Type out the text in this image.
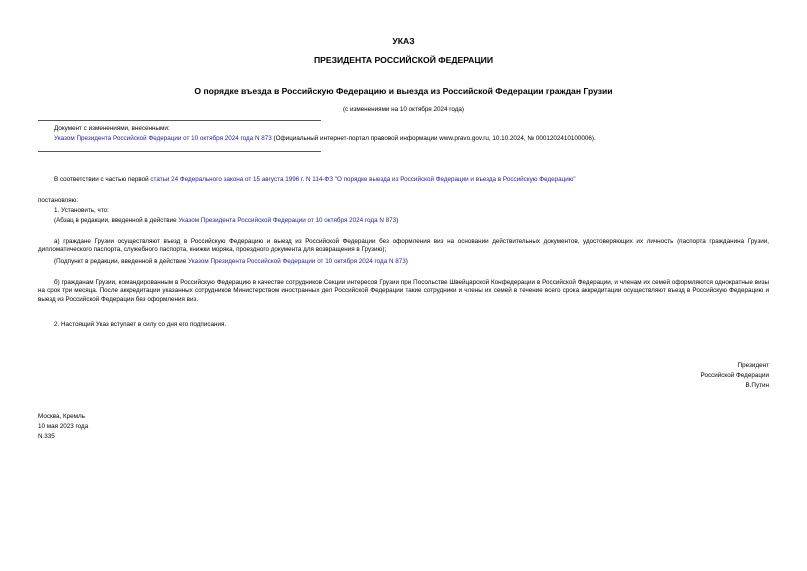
УКАЗ
ПРЕЗИДЕНТА РОССИЙСКОЙ ФЕДЕРАЦИИ
О порядке въезда в Российскую Федерацию и выезда из Российской Федерации граждан Грузии
(с изменениями на 10 октября 2024 года)
Документ с изменениями, внесенными:
Указом Президента Российской Федерации от 10 октября 2024 года N 873 (Официальный интернет-портал правовой информации www.pravo.gov.ru, 10.10.2024, № 0001202410100006).
В соответствии с частью первой статьи 24 Федерального закона от 15 августа 1996 г. N 114-ФЗ "О порядке выезда из Российской Федерации и въезда в Российскую Федерацию"
постановляю:
1. Установить, что:
(Абзац в редакции, введенной в действие Указом Президента Российской Федерации от 10 октября 2024 года N 873)
а) граждане Грузии осуществляют въезд в Российскую Федерацию и выезд из Российской Федерации без оформления виз на основании действительных документов, удостоверяющих их личность (паспорта гражданина Грузии, дипломатического паспорта, служебного паспорта, книжки моряка, проездного документа для возвращения в Грузию);
(Подпункт в редакции, введенной в действие Указом Президента Российской Федерации от 10 октября 2024 года N 873)
б) гражданам Грузии, командированным в Российскую Федерацию в качестве сотрудников Секции интересов Грузии при Посольстве Швейцарской Конфедерации в Российской Федерации, и членам их семей оформляются однократные визы на срок три месяца. После аккредитации указанных сотрудников Министерством иностранных дел Российской Федерации такие сотрудники и члены их семей в течение всего срока аккредитации осуществляют въезд в Российскую Федерацию и выезд из Российской Федерации без оформления виз.
2. Настоящий Указ вступает в силу со дня его подписания.
Президент
Российской Федерации
В.Путин
Москва, Кремль
10 мая 2023 года
N 335
